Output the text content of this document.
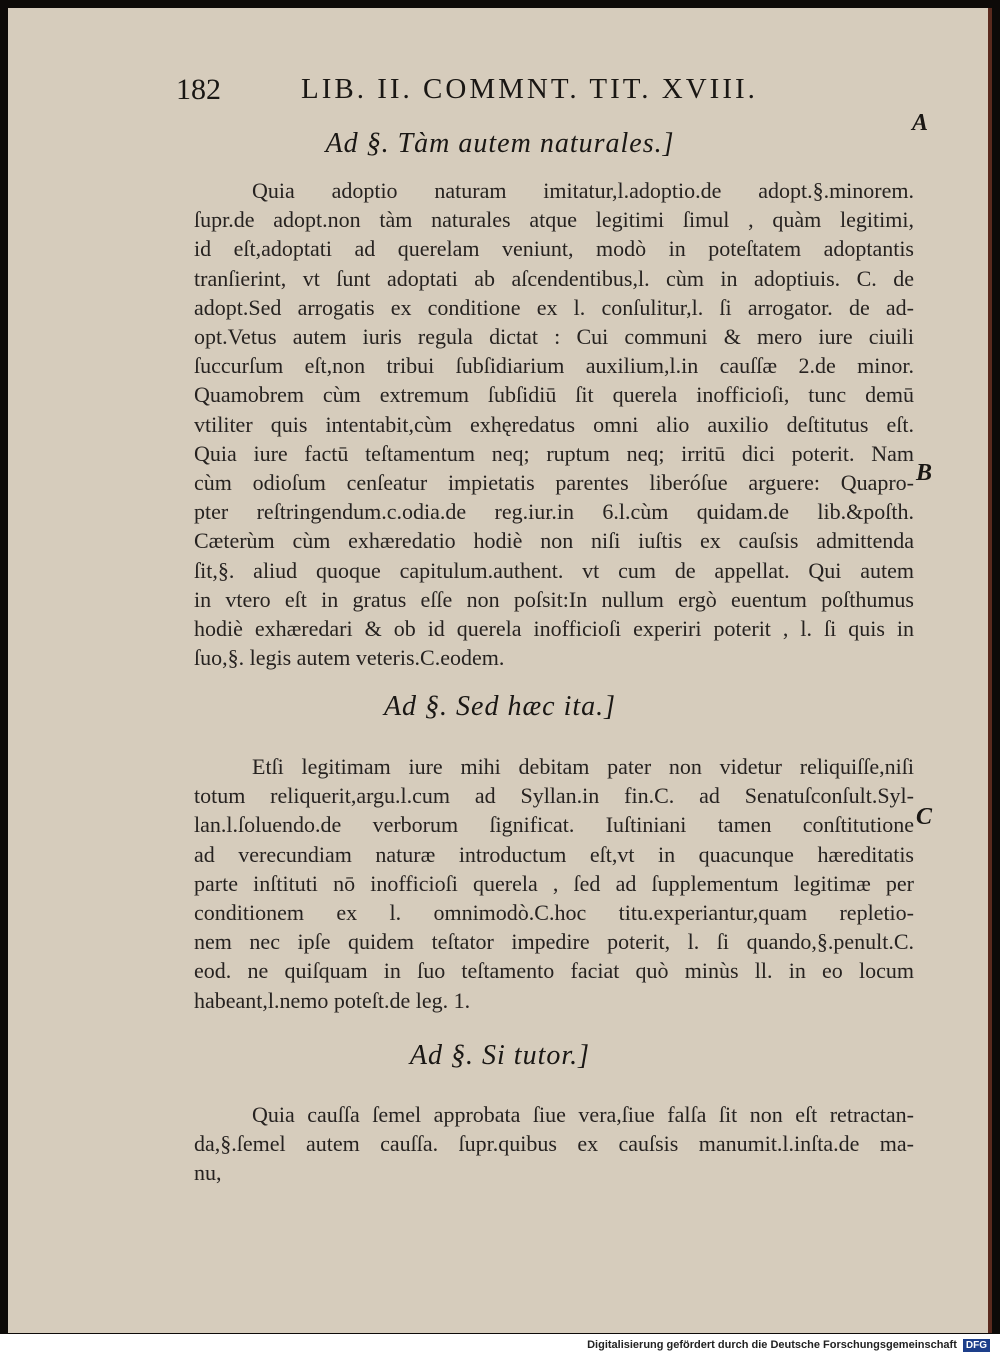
182	LIB. II. COMMNT. TIT. XVIII.
A
B
C
Ad §. Tàm autem naturales.]
Quia adoptio naturam imitatur,l.adoptio.de adopt.§.minorem.
ſupr.de adopt.non tàm naturales atque legitimi ſimul , quàm legitimi,
id eſt,adoptati ad querelam veniunt, modò in poteſtatem adoptantis
tranſierint, vt ſunt adoptati ab aſcendentibus,l. cùm in adoptiuis. C. de
adopt.Sed arrogatis ex conditione ex l. conſulitur,l. ſi arrogator. de ad-
opt.Vetus autem iuris regula dictat : Cui communi & mero iure ciuili
ſuccurſum eſt,non tribui ſubſidiarium auxilium,l.in cauſſæ 2.de minor.
Quamobrem cùm extremum ſubſidiū ſit querela inofficioſi, tunc demū
vtiliter quis intentabit,cùm exhęredatus omni alio auxilio deſtitutus eſt.
Quia iure factū teſtamentum neq; ruptum neq; irritū dici poterit. Nam
cùm odioſum cenſeatur impietatis parentes liberóſue arguere: Quapro-
pter reſtringendum.c.odia.de reg.iur.in 6.l.cùm quidam.de lib.&poſth.
Cæterùm cùm exhæredatio hodiè non niſi iuſtis ex cauſsis admittenda
ſit,§. aliud quoque capitulum.authent. vt cum de appellat. Qui autem
in vtero eſt in gratus eſſe non poſsit:In nullum ergò euentum poſthumus
hodiè exhæredari & ob id querela inofficioſi experiri poterit , l. ſi quis in
ſuo,§. legis autem veteris.C.eodem.
Ad §. Sed hæc ita.]
Etſi legitimam iure mihi debitam pater non videtur reliquiſſe,niſi
totum reliquerit,argu.l.cum ad Syllan.in fin.C. ad Senatuſconſult.Syl-
lan.l.ſoluendo.de verborum ſignificat. Iuſtiniani tamen conſtitutione
ad verecundiam naturæ introductum eſt,vt in quacunque hæreditatis
parte inſtituti nō inofficioſi querela , ſed ad ſupplementum legitimæ per
conditionem ex l. omnimodò.C.hoc titu.experiantur,quam repletio-
nem nec ipſe quidem teſtator impedire poterit, l. ſi quando,§.penult.C.
eod. ne quiſquam in ſuo teſtamento faciat quò minùs ll. in eo locum
habeant,l.nemo poteſt.de leg. 1.
Ad §. Si tutor.]
Quia cauſſa ſemel approbata ſiue vera,ſiue falſa ſit non eſt retractan-
da,§.ſemel autem cauſſa. ſupr.quibus ex cauſsis manumit.l.inſta.de ma-
nu,
Digitalisierung gefördert durch die Deutsche Forschungsgemeinschaft DFG
